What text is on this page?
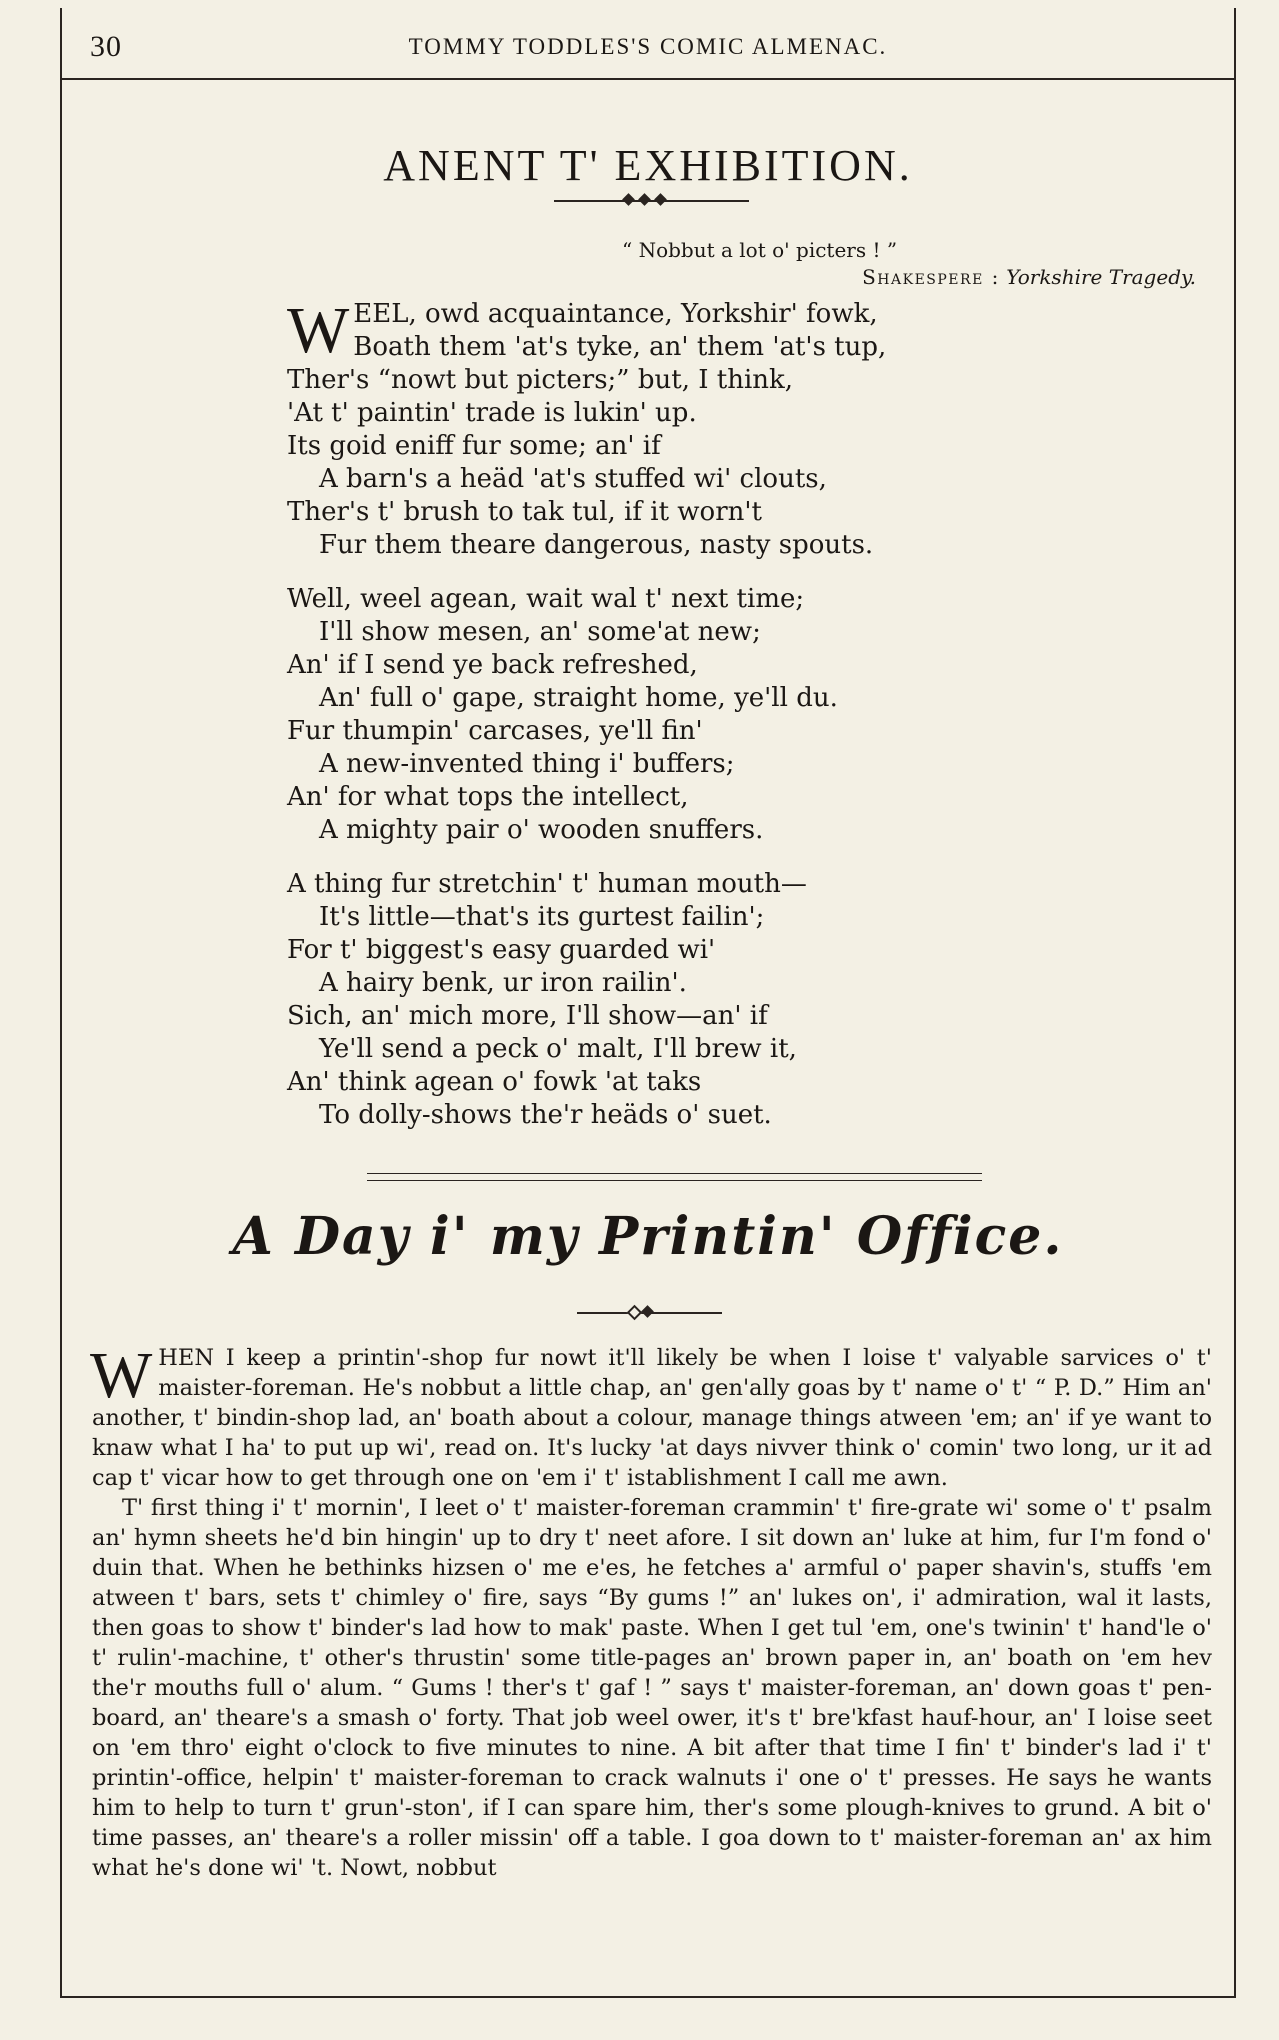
30	TOMMY TODDLES'S COMIC ALMENAC.
ANENT T' EXHIBITION.
“ Nobbut a lot o' picters ! ”
Shakespere : Yorkshire Tragedy.
WEEL, owd acquaintance, Yorkshir' fowk,
Boath them 'at's tyke, an' them 'at's tup,
Ther's “nowt but picters;” but, I think,
'At t' paintin' trade is lukin' up.
Its goid eniff fur some; an' if
A barn's a heäd 'at's stuffed wi' clouts,
Ther's t' brush to tak tul, if it worn't
Fur them theare dangerous, nasty spouts.
Well, weel agean, wait wal t' next time;
I'll show mesen, an' some'at new;
An' if I send ye back refreshed,
An' full o' gape, straight home, ye'll du.
Fur thumpin' carcases, ye'll fin'
A new-invented thing i' buffers;
An' for what tops the intellect,
A mighty pair o' wooden snuffers.
A thing fur stretchin' t' human mouth—
It's little—that's its gurtest failin';
For t' biggest's easy guarded wi'
A hairy benk, ur iron railin'.
Sich, an' mich more, I'll show—an' if
Ye'll send a peck o' malt, I'll brew it,
An' think agean o' fowk 'at taks
To dolly-shows the'r heäds o' suet.
A Day i' my Printin' Office.

WHEN I keep a printin'-shop fur nowt it'll likely be when I loise t' valyable sarvices o' t' maister-foreman. He's nobbut a little chap, an' gen'ally goas by t' name o' t' “ P. D.” Him an' another, t' bindin-shop lad, an' boath about a colour, manage things atween 'em; an' if ye want to knaw what I ha' to put up wi', read on. It's lucky 'at days nivver think o' comin' two long, ur it ad cap t' vicar how to get through one on 'em i' t' istablishment I call me awn.

T' first thing i' t' mornin', I leet o' t' maister-foreman crammin' t' fire-grate wi' some o' t' psalm an' hymn sheets he'd bin hingin' up to dry t' neet afore. I sit down an' luke at him, fur I'm fond o' duin that. When he bethinks hizsen o' me e'es, he fetches a' armful o' paper shavin's, stuffs 'em atween t' bars, sets t' chimley o' fire, says “By gums !” an' lukes on', i' admiration, wal it lasts, then goas to show t' binder's lad how to mak' paste. When I get tul 'em, one's twinin' t' hand'le o' t' rulin'-machine, t' other's thrustin' some title-pages an' brown paper in, an' boath on 'em hev the'r mouths full o' alum. “ Gums ! ther's t' gaf ! ” says t' maister-foreman, an' down goas t' pen-board, an' theare's a smash o' forty. That job weel ower, it's t' bre'kfast hauf-hour, an' I loise seet on 'em thro' eight o'clock to five minutes to nine. A bit after that time I fin' t' binder's lad i' t' printin'-office, helpin' t' maister-foreman to crack walnuts i' one o' t' presses. He says he wants him to help to turn t' grun'-ston', if I can spare him, ther's some plough-knives to grund. A bit o' time passes, an' theare's a roller missin' off a table. I goa down to t' maister-foreman an' ax him what he's done wi' 't. Nowt, nobbut
